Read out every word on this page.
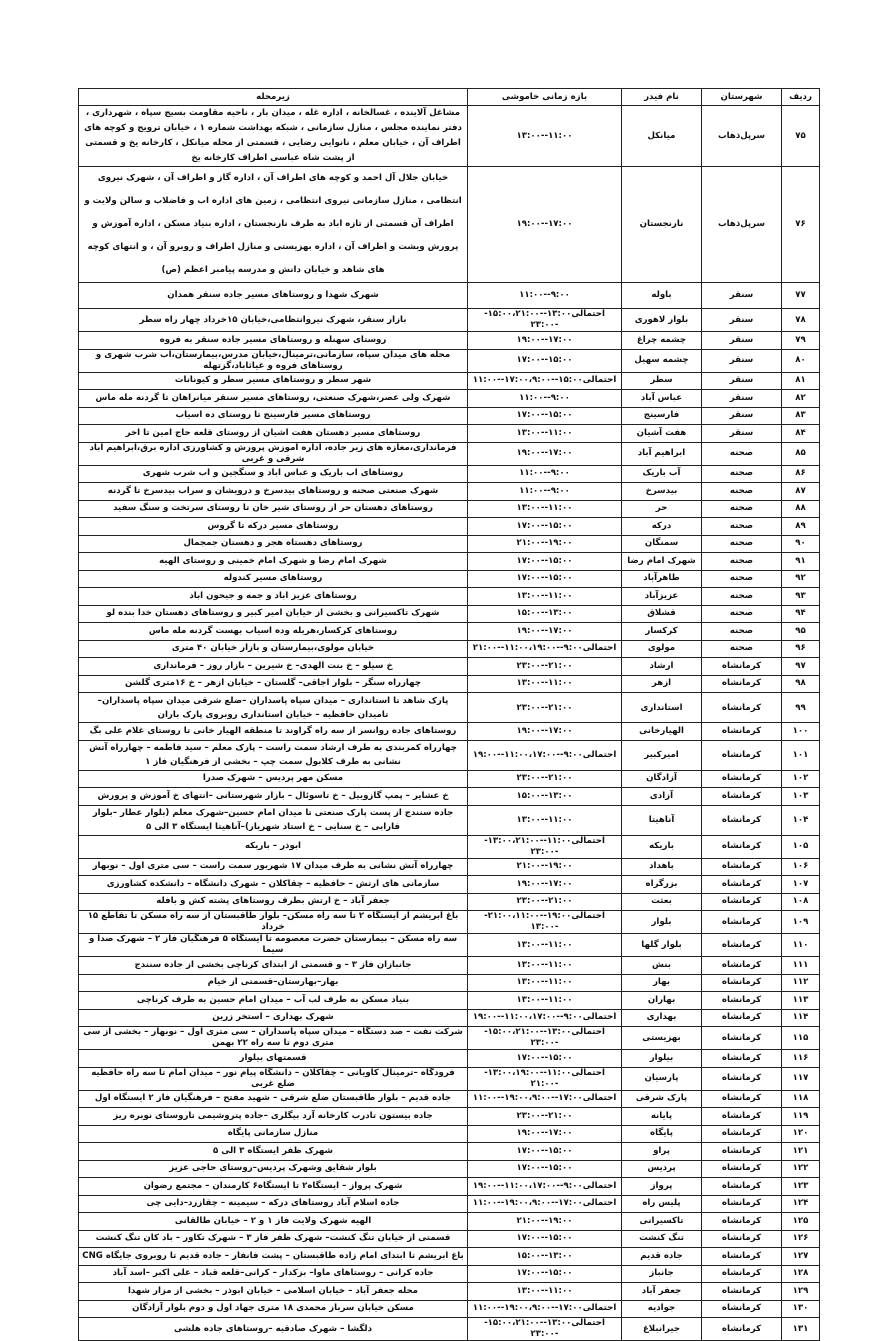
ردیف	شهرستان	نام فیدر	بازه زمانی خاموشی	زیرمحله
۷۵	سرپل‌ذهاب	میانکل	۱۱:۰۰--۱۳:۰۰	مشاغل آلاینده ، غسالخانه ، اداره غله ، میدان بار ، ناحیه مقاومت بسیج سپاه ، شهرداری ، دفتر نماینده مجلس ، منازل سازمانی ، شبکه بهداشت شماره ۱ ، خیابان ترویج و کوچه های اطراف آن ، خیابان معلم ، نانوایی رضایی ، قسمتی از محله میانکل ، کارخانه یخ و قسمتی از پشت شاه عباسی اطراف کارخانه یخ
۷۶	سرپل‌ذهاب	نارنجستان	۱۷:۰۰--۱۹:۰۰	خیابان جلال آل احمد و کوچه های اطراف آن ، اداره گاز و اطراف آن ، شهرک نیروی انتظامی ، منازل سازمانی نیروی انتظامی ، زمین های اداره اب و فاضلاب و سالن ولایت و اطراف آن قسمتی از تازه اباد به طرف نارنجستان ، اداره بنیاد مسکن ، اداره آموزش و پرورش ویشت و اطراف آن ، اداره بهزیستی و منازل اطراف و روبرو آن ، و انتهای کوچه های شاهد و خیابان دانش و مدرسه پیامبر اعظم (ص)
۷۷	سنقر	باوله	۹:۰۰--۱۱:۰۰	شهرک شهدا و روستاهای مسیر جاده سنقر همدان
۷۸	سنقر	بلوار لاهوری	احتمالی۱۳:۰۰--۱۵:۰۰،۲۱:۰۰--۲۳:۰۰	بازار سنقر، شهرک نیروانتظامی،خیابان ۱۵خرداد چهار راه سطر
۷۹	سنقر	چشمه چراغ	۱۷:۰۰--۱۹:۰۰	روستای سهنله و روستاهای مسیر جاده سنقر به فروه
۸۰	سنقر	چشمه سهیل	۱۵:۰۰--۱۷:۰۰	محله های میدان سپاه، سازمانی،ترمینال،خیابان مدرس،بیمارستان،اب شرب شهری و روستاهای فروه و غیاثاباد،گزتهله
۸۱	سنقر	سطر	احتمالی۱۵:۰۰--۱۷:۰۰،۹:۰۰--۱۱:۰۰	شهر سطر و روستاهای مسیر سطر و کیونانات
۸۲	سنقر	عباس آباد	۹:۰۰--۱۱:۰۰	شهرک ولی عصر،شهرک صنعتی، روستاهای مسیر سنقر میانراهان تا گردنه مله ماس
۸۳	سنقر	فارسینج	۱۵:۰۰--۱۷:۰۰	روستاهای مسیر فارسینج تا روستای ده اسیاب
۸۴	سنقر	هفت آشیان	۱۱:۰۰--۱۳:۰۰	روستاهای مسیر دهستان هفت اشیان از روستای قلعه حاج امین تا اخر
۸۵	صحنه	ابراهیم آباد	۱۷:۰۰--۱۹:۰۰	فرمانداری،مغازه های زیر جاده، اداره اموزش پرورش و کشاورزی اداره برق،ابراهیم اباد شرقی و غربی
۸۶	صحنه	آب باریک	۹:۰۰--۱۱:۰۰	روستاهای اب باریک و عباس اباد و سنگجین و اب شرب شهری
۸۷	صحنه	بیدسرخ	۹:۰۰--۱۱:۰۰	شهرک صنعتی صحنه و روستاهای بیدسرخ و درویشان و سراب بیدسرخ تا گردنه
۸۸	صحنه	حر	۱۱:۰۰--۱۳:۰۰	روستاهای دهستان حر از روستای شیر خان تا روستای سرتخت و سنگ سفید
۸۹	صحنه	درکه	۱۵:۰۰--۱۷:۰۰	روستاهای مسیر درکه تا گروس
۹۰	صحنه	سمنگان	۱۹:۰۰--۲۱:۰۰	روستاهای دهستاه هجر و دهستان جمجمال
۹۱	صحنه	شهرک امام رضا	۱۵:۰۰--۱۷:۰۰	شهرک امام رضا و شهرک امام خمینی و روستای الهیه
۹۲	صحنه	طاهرآباد	۱۵:۰۰--۱۷:۰۰	روستاهای مسیر کندوله
۹۳	صحنه	عزیزآباد	۱۱:۰۰--۱۳:۰۰	روستاهای عزیز اباد و جمه و جیحون اباد
۹۴	صحنه	قشلاق	۱۳:۰۰--۱۵:۰۰	شهرک تاکسیرانی و بخشی از خیابان امیر کبیر و روستاهای دهستان خدا بنده لو
۹۵	صحنه	کرکسار	۱۷:۰۰--۱۹:۰۰	روستاهای کرکسار،هریله وده اسیاب بهست گردنه مله ماس
۹۶	صحنه	مولوی	احتمالی۹:۰۰--۱۱:۰۰،۱۹:۰۰--۲۱:۰۰	خیابان مولوی،بیمارستان و بازار خیابان ۴۰ متری
۹۷	کرمانشاه	ارشاد	۲۱:۰۰--۲۳:۰۰	خ سیلو – خ بنت الهدی– خ شیرین – بازار روز – فرمانداری
۹۸	کرمانشاه	ازهر	۱۱:۰۰--۱۳:۰۰	چهارراه سنگر – بلوار اجاقی– گلستان – خیابان ازهر – خ ۱۶متری گلشن
۹۹	کرمانشاه	استانداری	۲۱:۰۰--۲۳:۰۰	پارک شاهد تا استانداری – میدان سپاه پاسداران –ضلع شرقی میدان سپاه پاسداران– تامیدان حافظیه – خیابان استانداری روبروی پارک باران
۱۰۰	کرمانشاه	الهیارخانی	۱۷:۰۰--۱۹:۰۰	روستاهای جاده روانسر از سه راه گراوند تا منطقه الهیار خانی تا روستای غلام علی بگ
۱۰۱	کرمانشاه	امیرکبیر	احتمالی۹:۰۰--۱۱:۰۰،۱۷:۰۰--۱۹:۰۰	چهارراه کمربندی به طرف ارشاد سمت راست – پارک معلم – سید فاطمه – چهارراه آتش نشانی به طرف کلابول سمت چپ – بخشی از فرهنگیان فاز ۱
۱۰۲	کرمانشاه	آزادگان	۲۱:۰۰--۲۳:۰۰	مسکن مهر پردیس – شهرک صدرا
۱۰۳	کرمانشاه	آزادی	۱۳:۰۰--۱۵:۰۰	خ عشایر – پمپ گازوییل – خ تاسوئال – بازار شهرستانی –انتهای خ آموزش و پرورش
۱۰۴	کرمانشاه	آناهیتا	۱۱:۰۰--۱۳:۰۰	جاده سنندج از پست پارک صنعتی تا میدان امام حسین–شهرک معلم (بلوار عطار –بلوار فارابی – خ سنایی – خ استاد شهریار)–آناهیتا ایستگاه ۳ الی ۵
۱۰۵	کرمانشاه	باریکه	احتمالی۱۱:۰۰--۱۳:۰۰،۲۱:۰۰--۲۳:۰۰	ابوذر – باریکه
۱۰۶	کرمانشاه	باهداد	۱۹:۰۰--۲۱:۰۰	چهارراه آتش نشانی به طرف میدان ۱۷ شهریور سمت راست – سی متری اول – نوبهار
۱۰۷	کرمانشاه	بزرگراه	۱۷:۰۰--۱۹:۰۰	سازمانی های ارتش – حافظیه – چقاکلان – شهرک دانشگاه – دانشکده کشاورزی
۱۰۸	کرمانشاه	بعثت	۲۱:۰۰--۲۳:۰۰	جعفر آباد – خ ارتش بطرف روستاهای پشته کش و بافله
۱۰۹	کرمانشاه	بلوار	احتمالی۱۹:۰۰--۲۱:۰۰،۱۱:۰۰--۱۳:۰۰	باغ ابریشم از ایستگاه ۲ تا سه راه مسکن– بلوار طاقبستان از سه راه مسکن تا تقاطع ۱۵ خرداد
۱۱۰	کرمانشاه	بلوار گلها	۱۱:۰۰--۱۳:۰۰	سه راه مسکن – بیمارستان حضرت معصومه تا ایستگاه ۵ فرهنگیان فاز ۲ – شهرک صدا و سیما
۱۱۱	کرمانشاه	بنش	۱۱:۰۰--۱۳:۰۰	جانبازان فاز ۳ – و قسمتی از ابتدای کرناچی بخشی از جاده سنندج
۱۱۲	کرمانشاه	بهار	۱۱:۰۰--۱۳:۰۰	بهار–بهارستان–قسمتی از خیام
۱۱۳	کرمانشاه	بهاران	۱۱:۰۰--۱۳:۰۰	بنیاد مسکن به طرف لب آب – میدان امام حسین به طرف کرناچی
۱۱۴	کرمانشاه	بهداری	احتمالی۹:۰۰--۱۱:۰۰،۱۷:۰۰--۱۹:۰۰	شهرک بهداری – استخر زرین
۱۱۵	کرمانشاه	بهزیستی	احتمالی۱۳:۰۰--۱۵:۰۰،۲۱:۰۰--۲۳:۰۰	شرکت نفت – صد دستگاه – میدان سپاه پاسداران – سی متری اول – نوبهار – بخشی از سی متری دوم تا سه راه ۲۲ بهمن
۱۱۶	کرمانشاه	بیلوار	۱۵:۰۰--۱۷:۰۰	قسمتهای بیلوار
۱۱۷	کرمانشاه	پارسیان	احتمالی۱۱:۰۰--۱۳:۰۰،۱۹:۰۰--۲۱:۰۰	فرودگاه –ترمینال کاویانی – چقاکلان – دانشگاه پیام نور – میدان امام تا سه راه حافظیه ضلع غربی
۱۱۸	کرمانشاه	پارک شرقی	احتمالی۱۷:۰۰--۱۹:۰۰،۹:۰۰--۱۱:۰۰	جاده قدیم – بلوار طاقبستان ضلع شرقی – شهید مفتح – فرهنگیان فاز ۲ ایستگاه اول
۱۱۹	کرمانشاه	پایانه	۲۱:۰۰--۲۳:۰۰	جاده بیستون تادرب کارخانه آرد بیگلری –جاده پتروشیمی تاروستای نوبره ریز
۱۲۰	کرمانشاه	پایگاه	۱۷:۰۰--۱۹:۰۰	منازل سازمانی پایگاه
۱۲۱	کرمانشاه	پراو	۱۵:۰۰--۱۷:۰۰	شهرک ظفر ایستگاه ۳ الی ۵
۱۲۲	کرمانشاه	پردیس	۱۵:۰۰--۱۷:۰۰	بلوار شقایق وشهرک پردیس–روستای حاجی عزیز
۱۲۳	کرمانشاه	پرواز	احتمالی۹:۰۰--۱۱:۰۰،۱۷:۰۰--۱۹:۰۰	شهرک پرواز – ایستگاه۲ تا ایستگاه۶ کارمندان – مجتمع رضوان
۱۲۴	کرمانشاه	پلیس راه	احتمالی۱۷:۰۰--۱۹:۰۰،۹:۰۰--۱۱:۰۰	جاده اسلام آباد روستاهای درکه – سیمینه – چقازرد–دایی چی
۱۲۵	کرمانشاه	تاکسیرانی	۱۹:۰۰--۲۱:۰۰	الهیه شهرک ولایت فاز ۱ و ۲ – خیابان طالقانی
۱۲۶	کرمانشاه	تنگ کنشت	۱۵:۰۰--۱۷:۰۰	قسمتی از خیابان تنگ کنشت– شهرک ظفر فاز ۳ – شهرک تکاور – باد کان تنگ کنشت
۱۲۷	کرمانشاه	جاده قدیم	۱۳:۰۰--۱۵:۰۰	باغ ابریشم تا ابتدای امام زاده طاقبستان – پشت فانفار – جاده قدیم تا روبروی جایگاه CNG
۱۲۸	کرمانشاه	جانباز	۱۵:۰۰--۱۷:۰۰	جاده کرانی – روستاهای ماوا– بزکدار – کرانی–قلعه قباد – علی اکبر –اسد آباد
۱۲۹	کرمانشاه	جعفر آباد	۱۱:۰۰--۱۳:۰۰	محله جعفر آباد – خیابان اسلامی – خیابان ابوذر – بخشی از مزار شهدا
۱۳۰	کرمانشاه	جوادیه	احتمالی۱۷:۰۰--۱۹:۰۰،۹:۰۰--۱۱:۰۰	مسکن خیابان سرباز محمدی ۱۸ متری جهاد اول و دوم بلوار آزادگان
۱۳۱	کرمانشاه	جیرانبلاغ	احتمالی۱۳:۰۰--۱۵:۰۰،۲۱:۰۰--۲۳:۰۰	دلگشا – شهرک صادقیه –روستاهای جاده هلشی
